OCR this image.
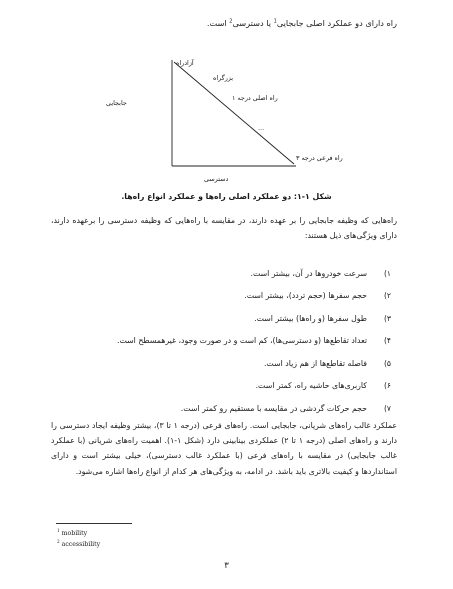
راه دارای دو عملکرد اصلی جابجایی$^1$ یا دسترسی$^2$ است.
جابجایی
دسترسی
آزادراه
بزرگراه
راه اصلی درجه ۱
...
راه فرعی درجه ۳
شکل ۱-۱: دو عملکرد اصلی راه‌ها و عملکرد انواع راه‌ها.

راه‌هایی که وظیفه جابجایی را بر عهده دارند، در مقایسه با راه‌هایی که وظیفه دسترسی را برعهده دارند، دارای ویژگی‌های ذیل هستند:

۱)
سرعت خودروها در آن، بیشتر است.
۲)
حجم سفرها (حجم تردد)، بیشتر است.
۳)
طول سفرها (و راه‌ها) بیشتر است.
۴)
تعداد تقاطع‌ها (و دسترسی‌ها)، کم است و در صورت وجود، غیرهمسطح است.
۵)
فاصله تقاطع‌ها از هم زیاد است.
۶)
کاربری‌های حاشیه راه، کمتر است.
۷)
حجم حرکات گردشی در مقایسه با مستقیم رو کمتر است.

عملکرد غالب راه‌های شریانی، جابجایی است. راه‌های فرعی (درجه ۱ تا ۳)، بیشتر وظیفه ایجاد دسترسی را دارند و راه‌های اصلی (درجه ۱ تا ۲) عملکردی بینابینی دارد (شکل ۱-۱). اهمیت راه‌های شریانی (با عملکرد غالب جابجایی) در مقایسه با راه‌های فرعی (با عملکرد غالب دسترسی)، خیلی بیشتر است و دارای استانداردها و کیفیت بالاتری باید باشد. در ادامه، به ویژگی‌های هر کدام از انواع راه‌ها اشاره می‌شود.

$^1$ mobility
$^2$ accessibility
۳
